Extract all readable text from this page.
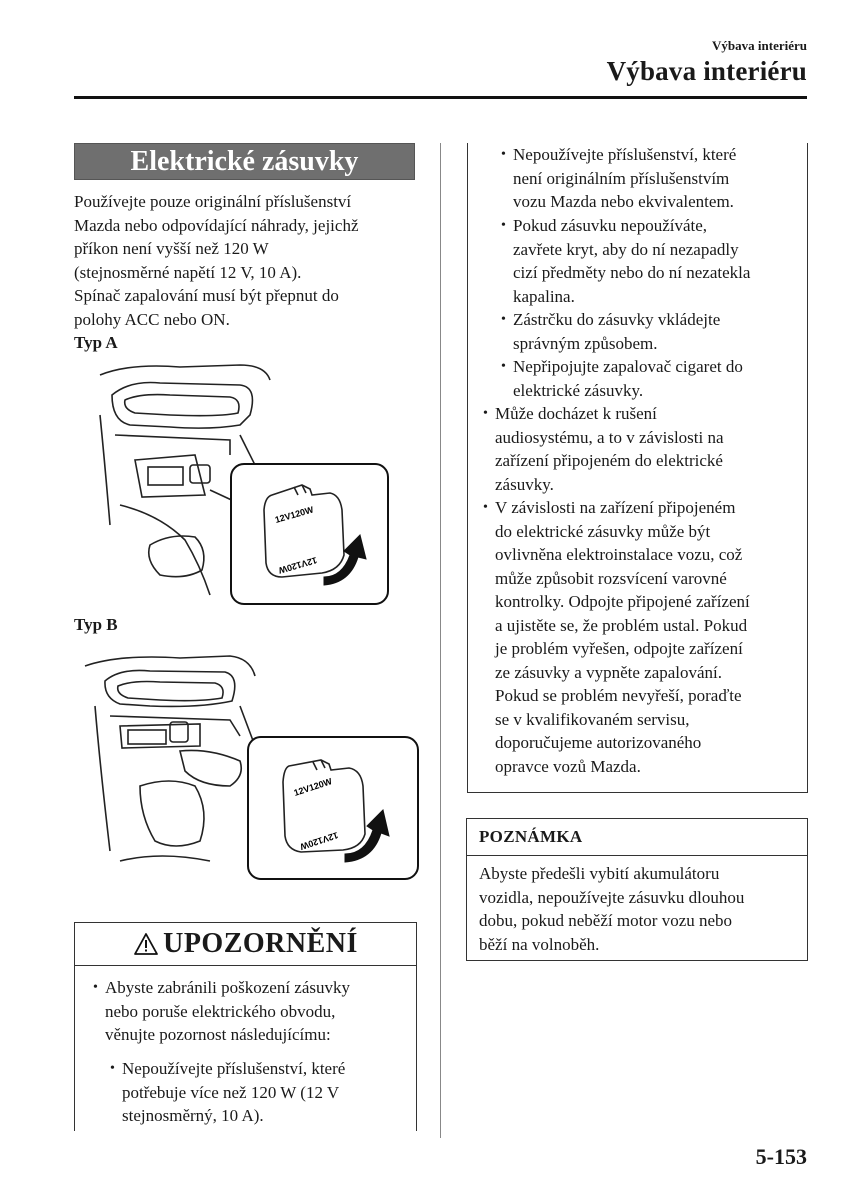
Výbava interiéru
Výbava interiéru
Elektrické zásuvky
Používejte pouze originální příslušenství
Mazda nebo odpovídající náhrady, jejichž
příkon není vyšší než 120 W
(stejnosměrné napětí 12 V, 10 A).
Spínač zapalování musí být přepnut do
polohy ACC nebo ON.
Typ A
12V120W
12V120W
Typ B
12V120W
12V120W
UPOZORNĚNÍ
• Abyste zabránili poškození zásuvky
nebo poruše elektrického obvodu,
věnujte pozornost následujícímu:
• Nepoužívejte příslušenství, které
potřebuje více než 120 W (12 V
stejnosměrný, 10 A).
• Nepoužívejte příslušenství, které
není originálním příslušenstvím
vozu Mazda nebo ekvivalentem.
• Pokud zásuvku nepoužíváte,
zavřete kryt, aby do ní nezapadly
cizí předměty nebo do ní nezatekla
kapalina.
• Zástrčku do zásuvky vkládejte
správným způsobem.
• Nepřipojujte zapalovač cigaret do
elektrické zásuvky.
• Může docházet k rušení
audiosystému, a to v závislosti na
zařízení připojeném do elektrické
zásuvky.
• V závislosti na zařízení připojeném
do elektrické zásuvky může být
ovlivněna elektroinstalace vozu, což
může způsobit rozsvícení varovné
kontrolky. Odpojte připojené zařízení
a ujistěte se, že problém ustal. Pokud
je problém vyřešen, odpojte zařízení
ze zásuvky a vypněte zapalování.
Pokud se problém nevyřeší, poraďte
se v kvalifikovaném servisu,
doporučujeme autorizovaného
opravce vozů Mazda.
POZNÁMKA
Abyste předešli vybití akumulátoru
vozidla, nepoužívejte zásuvku dlouhou
dobu, pokud neběží motor vozu nebo
běží na volnoběh.
5-153
